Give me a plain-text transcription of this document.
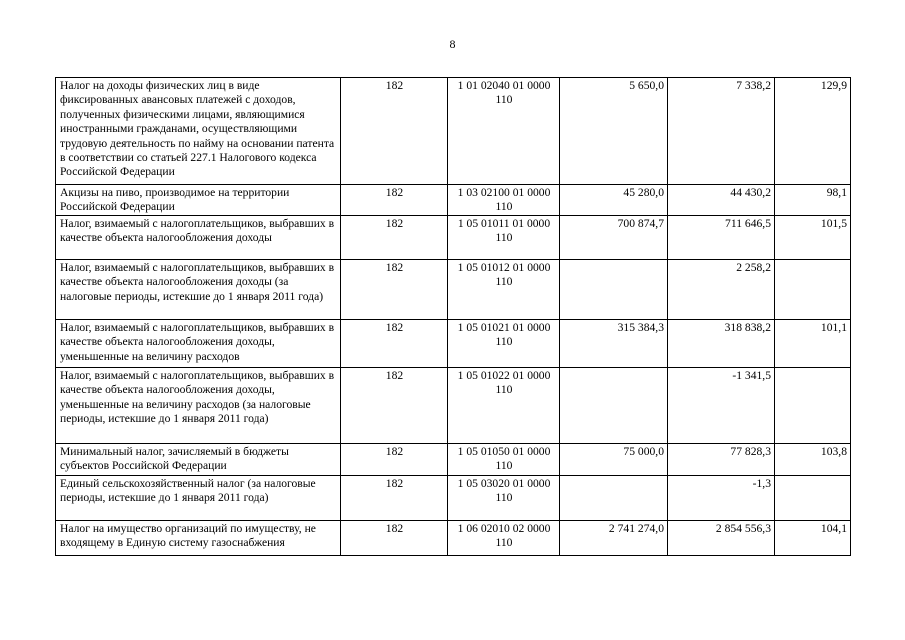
8
Налог на доходы физических лиц в виде фиксированных авансовых платежей с доходов, полученных физическими лицами, являющимися иностранными гражданами, осуществляющими трудовую деятельность по найму на основании патента в соответствии со статьей 227.1 Налогового кодекса Российской Федерации	182	1 01 02040 01 0000 110	5 650,0	7 338,2	129,9
Акцизы на пиво, производимое на территории Российской Федерации	182	1 03 02100 01 0000 110	45 280,0	44 430,2	98,1
Налог, взимаемый с налогоплательщиков, выбравших в качестве объекта налогообложения доходы	182	1 05 01011 01 0000 110	700 874,7	711 646,5	101,5
Налог, взимаемый с налогоплательщиков, выбравших в качестве объекта налогообложения доходы (за налоговые периоды, истекшие до 1 января 2011 года)	182	1 05 01012 01 0000 110		2 258,2	
Налог, взимаемый с налогоплательщиков, выбравших в качестве объекта налогообложения доходы, уменьшенные на величину расходов	182	1 05 01021 01 0000 110	315 384,3	318 838,2	101,1
Налог, взимаемый с налогоплательщиков, выбравших в качестве объекта налогообложения доходы, уменьшенные на величину расходов (за налоговые периоды, истекшие до 1 января 2011 года)	182	1 05 01022 01 0000 110		-1 341,5	
Минимальный налог, зачисляемый в бюджеты субъектов Российской Федерации	182	1 05 01050 01 0000 110	75 000,0	77 828,3	103,8
Единый сельскохозяйственный налог (за налоговые периоды, истекшие до 1 января 2011 года)	182	1 05 03020 01 0000 110		-1,3	
Налог на имущество организаций по имуществу, не входящему в Единую систему газоснабжения	182	1 06 02010 02 0000 110	2 741 274,0	2 854 556,3	104,1
